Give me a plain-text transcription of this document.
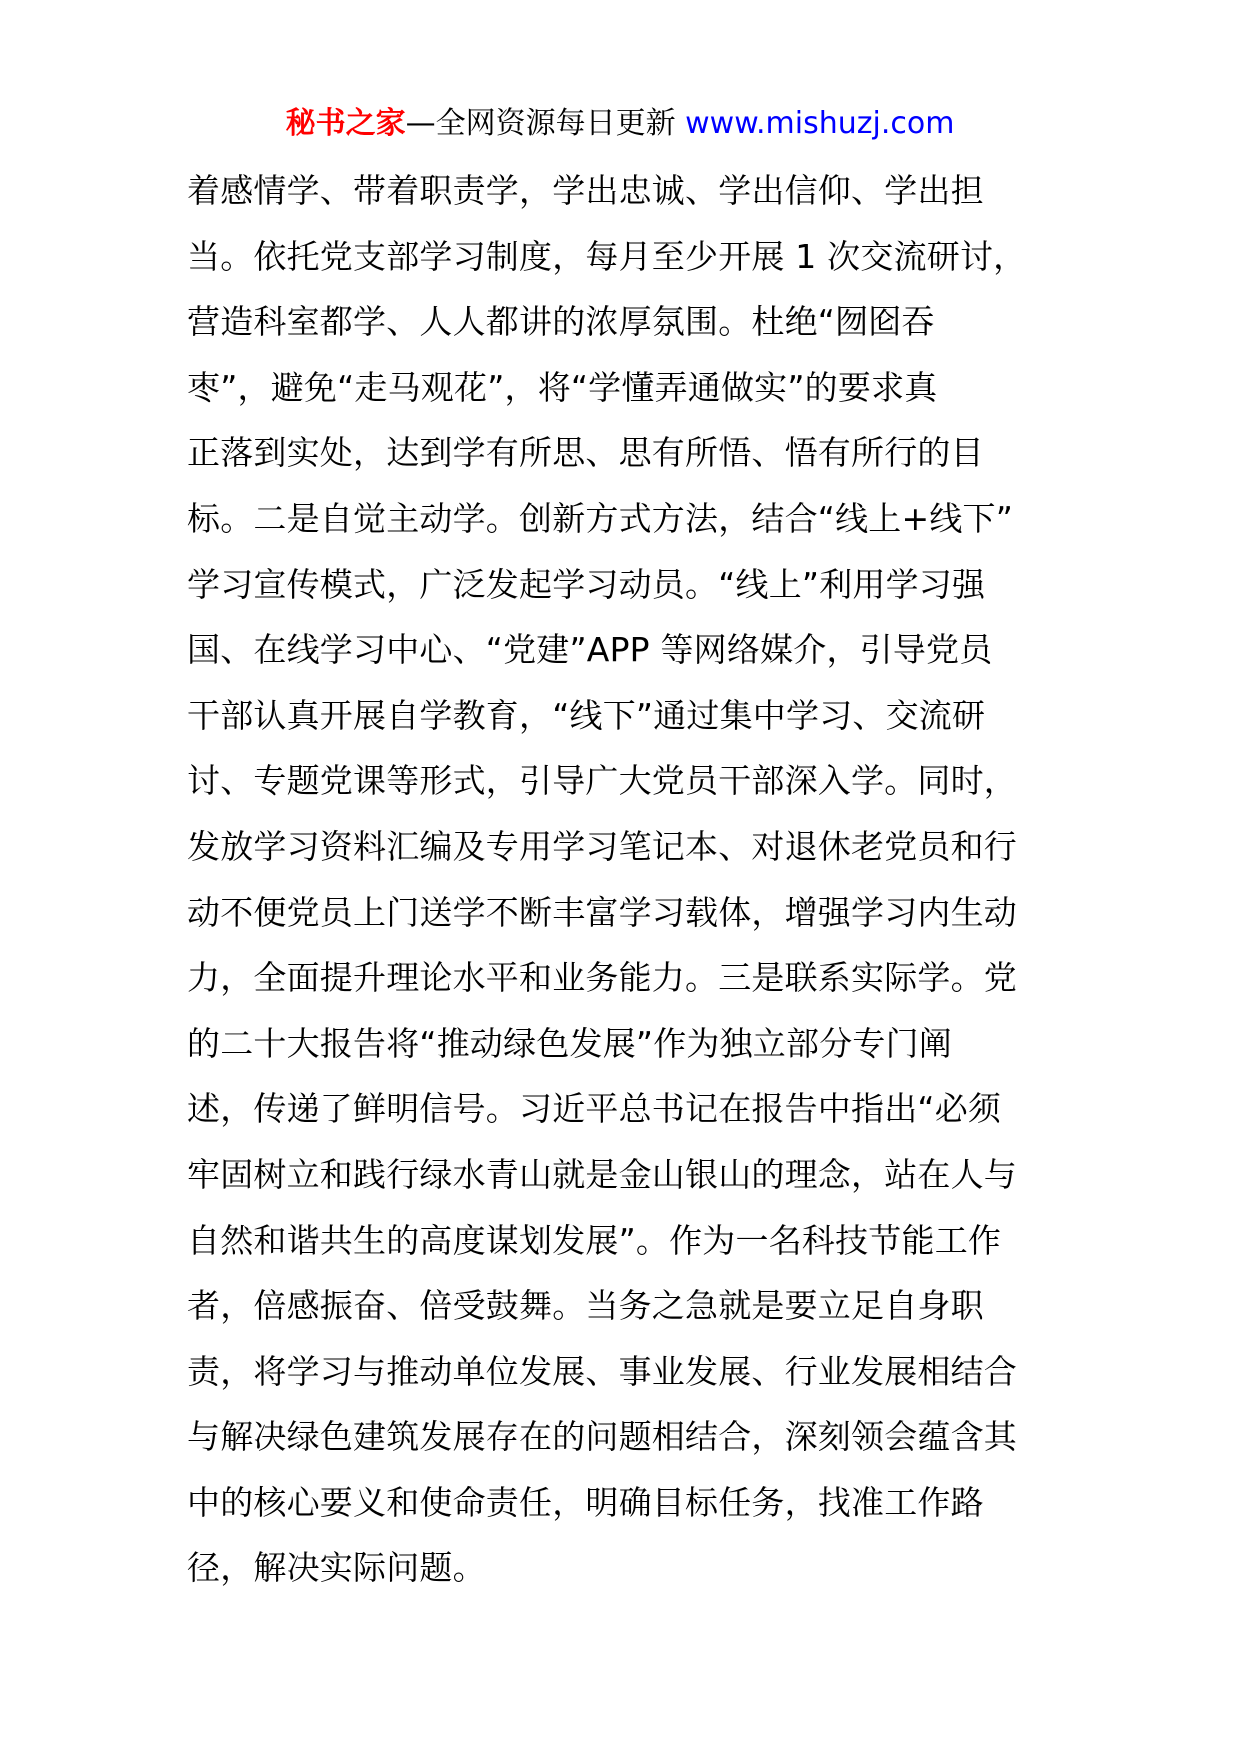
秘书之家—全网资源每日更新 www.mishuzj.com
着感情学、带着职责学，学出忠诚、学出信仰、学出担
当。依托党支部学习制度，每月至少开展 1 次交流研讨，
营造科室都学、人人都讲的浓厚氛围。杜绝“囫囵吞
枣”，避免“走马观花”，将“学懂弄通做实”的要求真
正落到实处，达到学有所思、思有所悟、悟有所行的目
标。二是自觉主动学。创新方式方法，结合“线上+线下”
学习宣传模式，广泛发起学习动员。“线上”利用学习强
国、在线学习中心、“党建”APP 等网络媒介，引导党员
干部认真开展自学教育，“线下”通过集中学习、交流研
讨、专题党课等形式，引导广大党员干部深入学。同时，
发放学习资料汇编及专用学习笔记本、对退休老党员和行
动不便党员上门送学不断丰富学习载体，增强学习内生动
力，全面提升理论水平和业务能力。三是联系实际学。党
的二十大报告将“推动绿色发展”作为独立部分专门阐
述，传递了鲜明信号。习近平总书记在报告中指出“必须
牢固树立和践行绿水青山就是金山银山的理念，站在人与
自然和谐共生的高度谋划发展”。作为一名科技节能工作
者，倍感振奋、倍受鼓舞。当务之急就是要立足自身职
责，将学习与推动单位发展、事业发展、行业发展相结合
与解决绿色建筑发展存在的问题相结合，深刻领会蕴含其
中的核心要义和使命责任，明确目标任务，找准工作路
径，解决实际问题。
